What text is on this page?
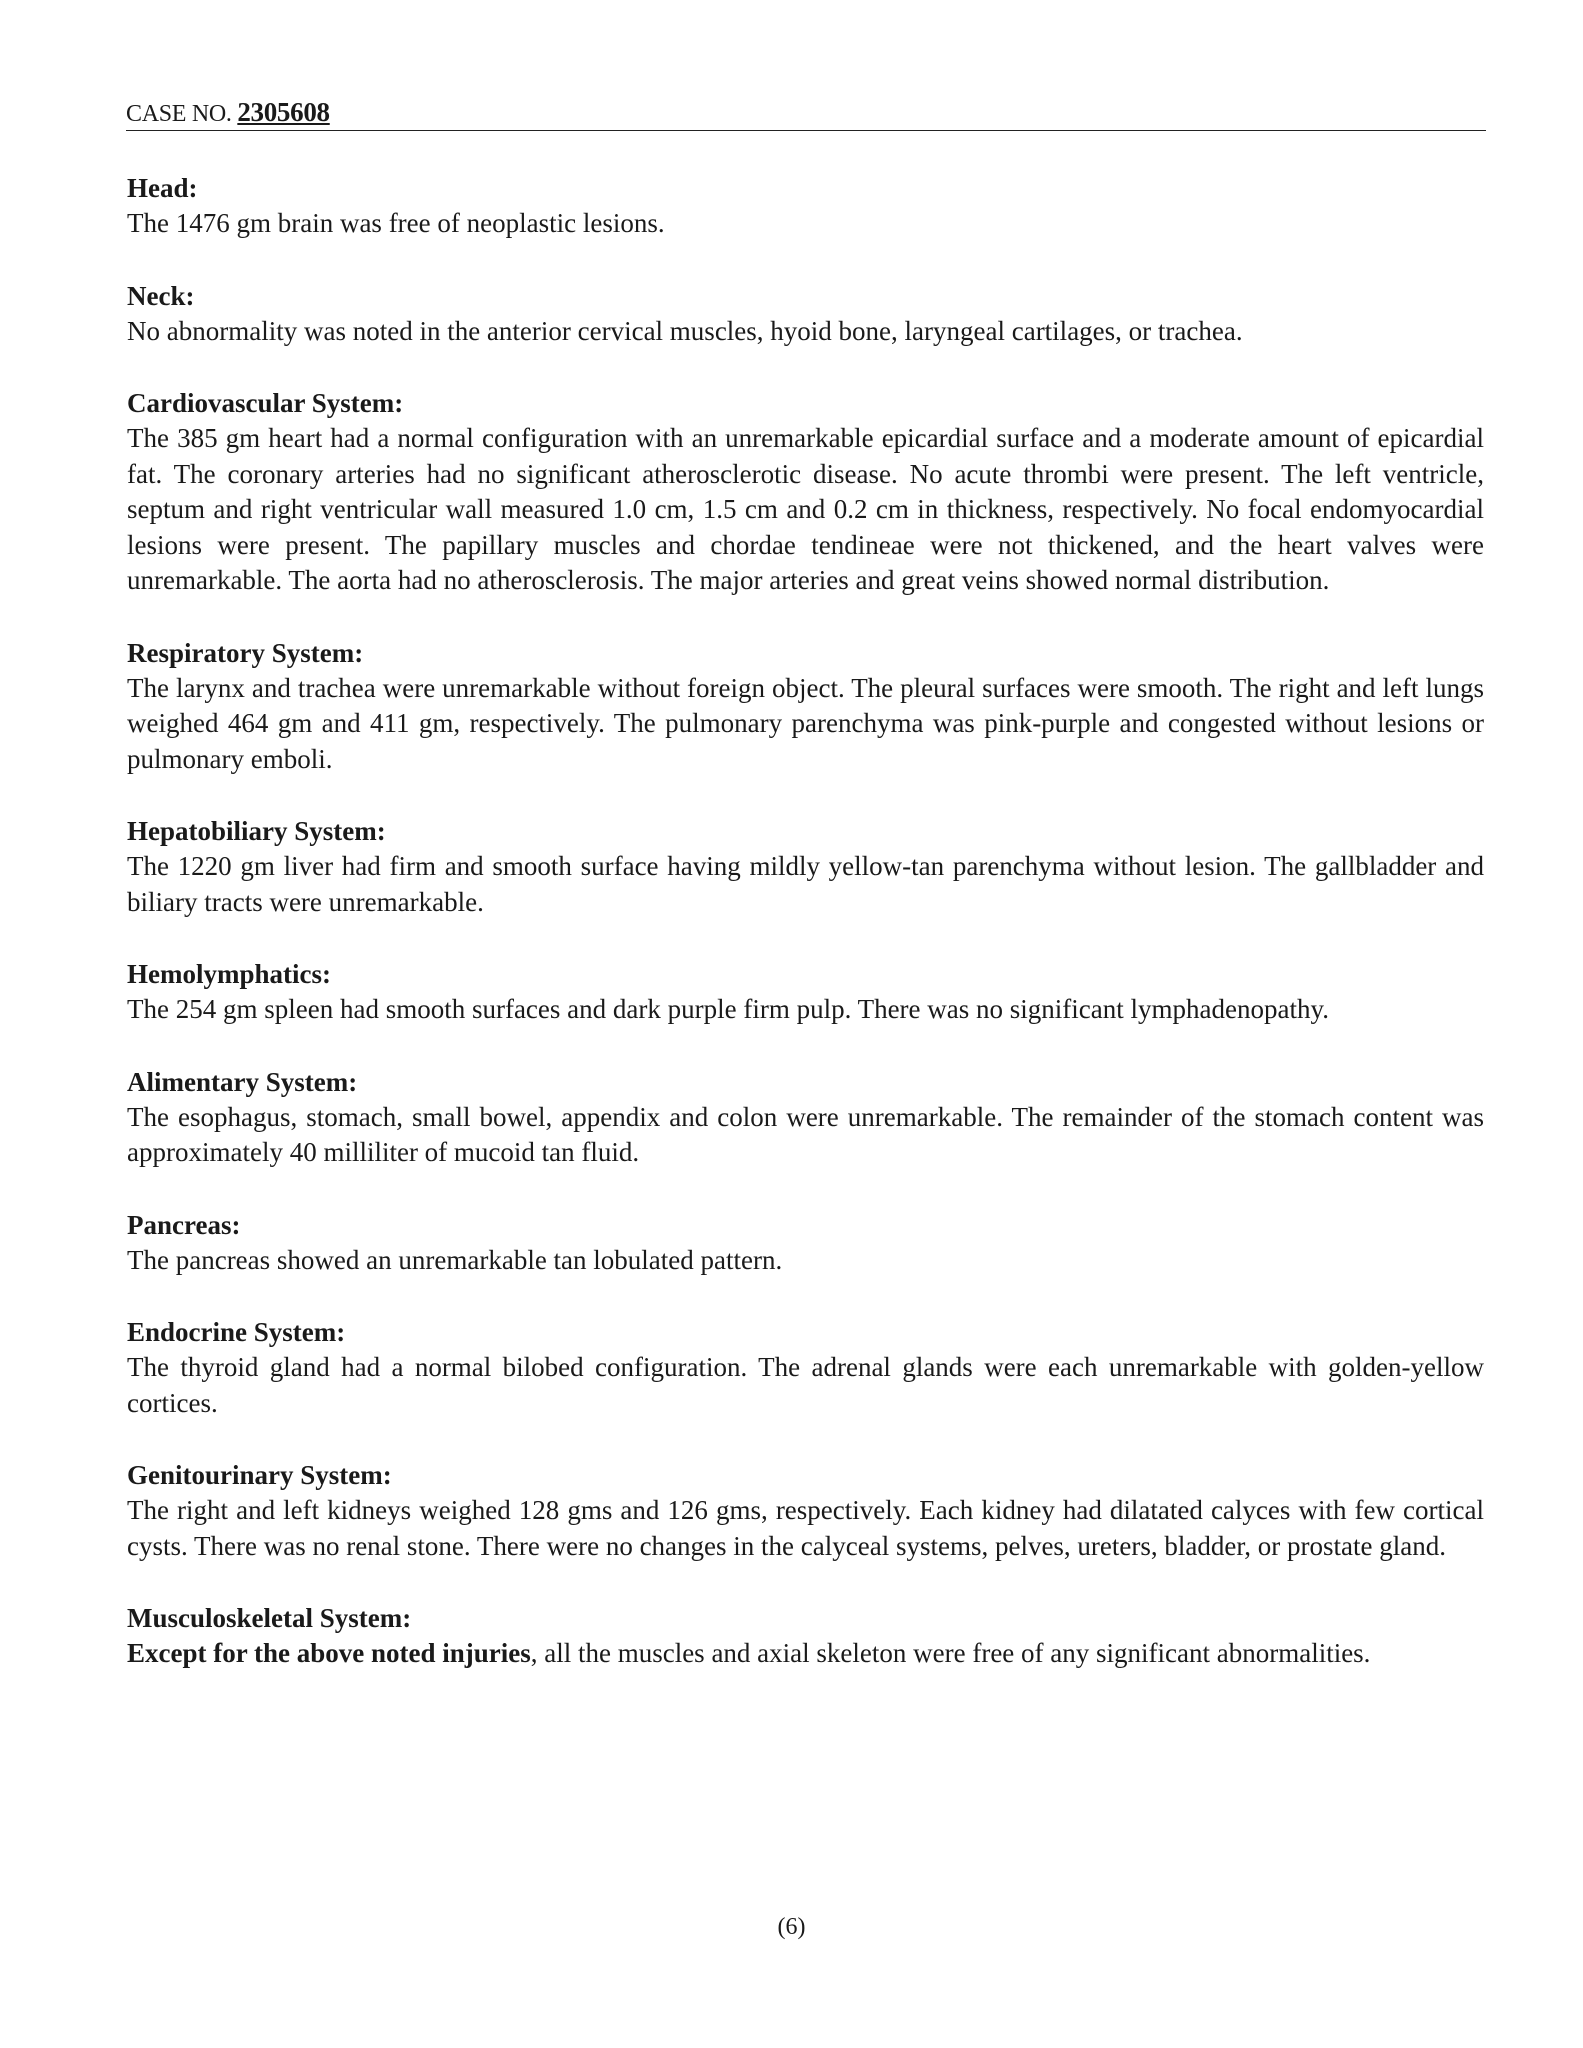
CASE NO. 2305608

Head:

The 1476 gm brain was free of neoplastic lesions.

Neck:

No abnormality was noted in the anterior cervical muscles, hyoid bone, laryngeal cartilages, or trachea.

Cardiovascular System:

The 385 gm heart had a normal configuration with an unremarkable epicardial surface and a moderate amount of epicardial fat. The coronary arteries had no significant atherosclerotic disease. No acute thrombi were present. The left ventricle, septum and right ventricular wall measured 1.0 cm, 1.5 cm and 0.2 cm in thickness, respectively. No focal endomyocardial lesions were present. The papillary muscles and chordae tendineae were not thickened, and the heart valves were unremarkable. The aorta had no atherosclerosis. The major arteries and great veins showed normal distribution.

Respiratory System:

The larynx and trachea were unremarkable without foreign object. The pleural surfaces were smooth. The right and left lungs weighed 464 gm and 411 gm, respectively. The pulmonary parenchyma was pink-purple and congested without lesions or pulmonary emboli.

Hepatobiliary System:

The 1220 gm liver had firm and smooth surface having mildly yellow-tan parenchyma without lesion. The gallbladder and biliary tracts were unremarkable.

Hemolymphatics:

The 254 gm spleen had smooth surfaces and dark purple firm pulp. There was no significant lymphadenopathy.

Alimentary System:

The esophagus, stomach, small bowel, appendix and colon were unremarkable. The remainder of the stomach content was approximately 40 milliliter of mucoid tan fluid.

Pancreas:

The pancreas showed an unremarkable tan lobulated pattern.

Endocrine System:

The thyroid gland had a normal bilobed configuration. The adrenal glands were each unremarkable with golden-yellow cortices.

Genitourinary System:

The right and left kidneys weighed 128 gms and 126 gms, respectively. Each kidney had dilatated calyces with few cortical cysts. There was no renal stone. There were no changes in the calyceal systems, pelves, ureters, bladder, or prostate gland.

Musculoskeletal System:

Except for the above noted injuries, all the muscles and axial skeleton were free of any significant abnormalities.

(6)
